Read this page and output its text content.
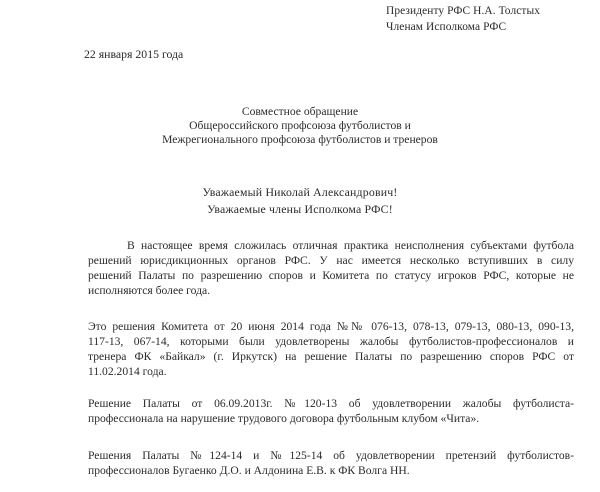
Президенту РФС Н.А. Толстых
Членам Исполкома РФС
22 января 2015 года
Совместное обращение
Общероссийского профсоюза футболистов и
Межрегионального профсоюза футболистов и тренеров
Уважаемый Николай Александрович!
Уважаемые члены Исполкома РФС!
В настоящее время сложилась отличная практика неисполнения субъектами футбола
решений юрисдикционных органов РФС. У нас имеется несколько вступивших в силу
решений Палаты по разрешению споров и Комитета по статусу игроков РФС, которые не
исполняются более года.
Это решения Комитета от 20 июня 2014 года №№ 076-13, 078-13, 079-13, 080-13, 090-13,
117-13, 067-14, которыми были удовлетворены жалобы футболистов-профессионалов и
тренера ФК «Байкал» (г. Иркутск) на решение Палаты по разрешению споров РФС от
11.02.2014 года.
Решение Палаты от 06.09.2013г. №120-13 об удовлетворении жалобы футболиста-
профессионала на нарушение трудового договора футбольным клубом «Чита».
Решения Палаты №124-14 и №125-14 об удовлетворении претензий футболистов-
профессионалов Бугаенко Д.О. и Алдонина Е.В. к ФК Волга НН.
